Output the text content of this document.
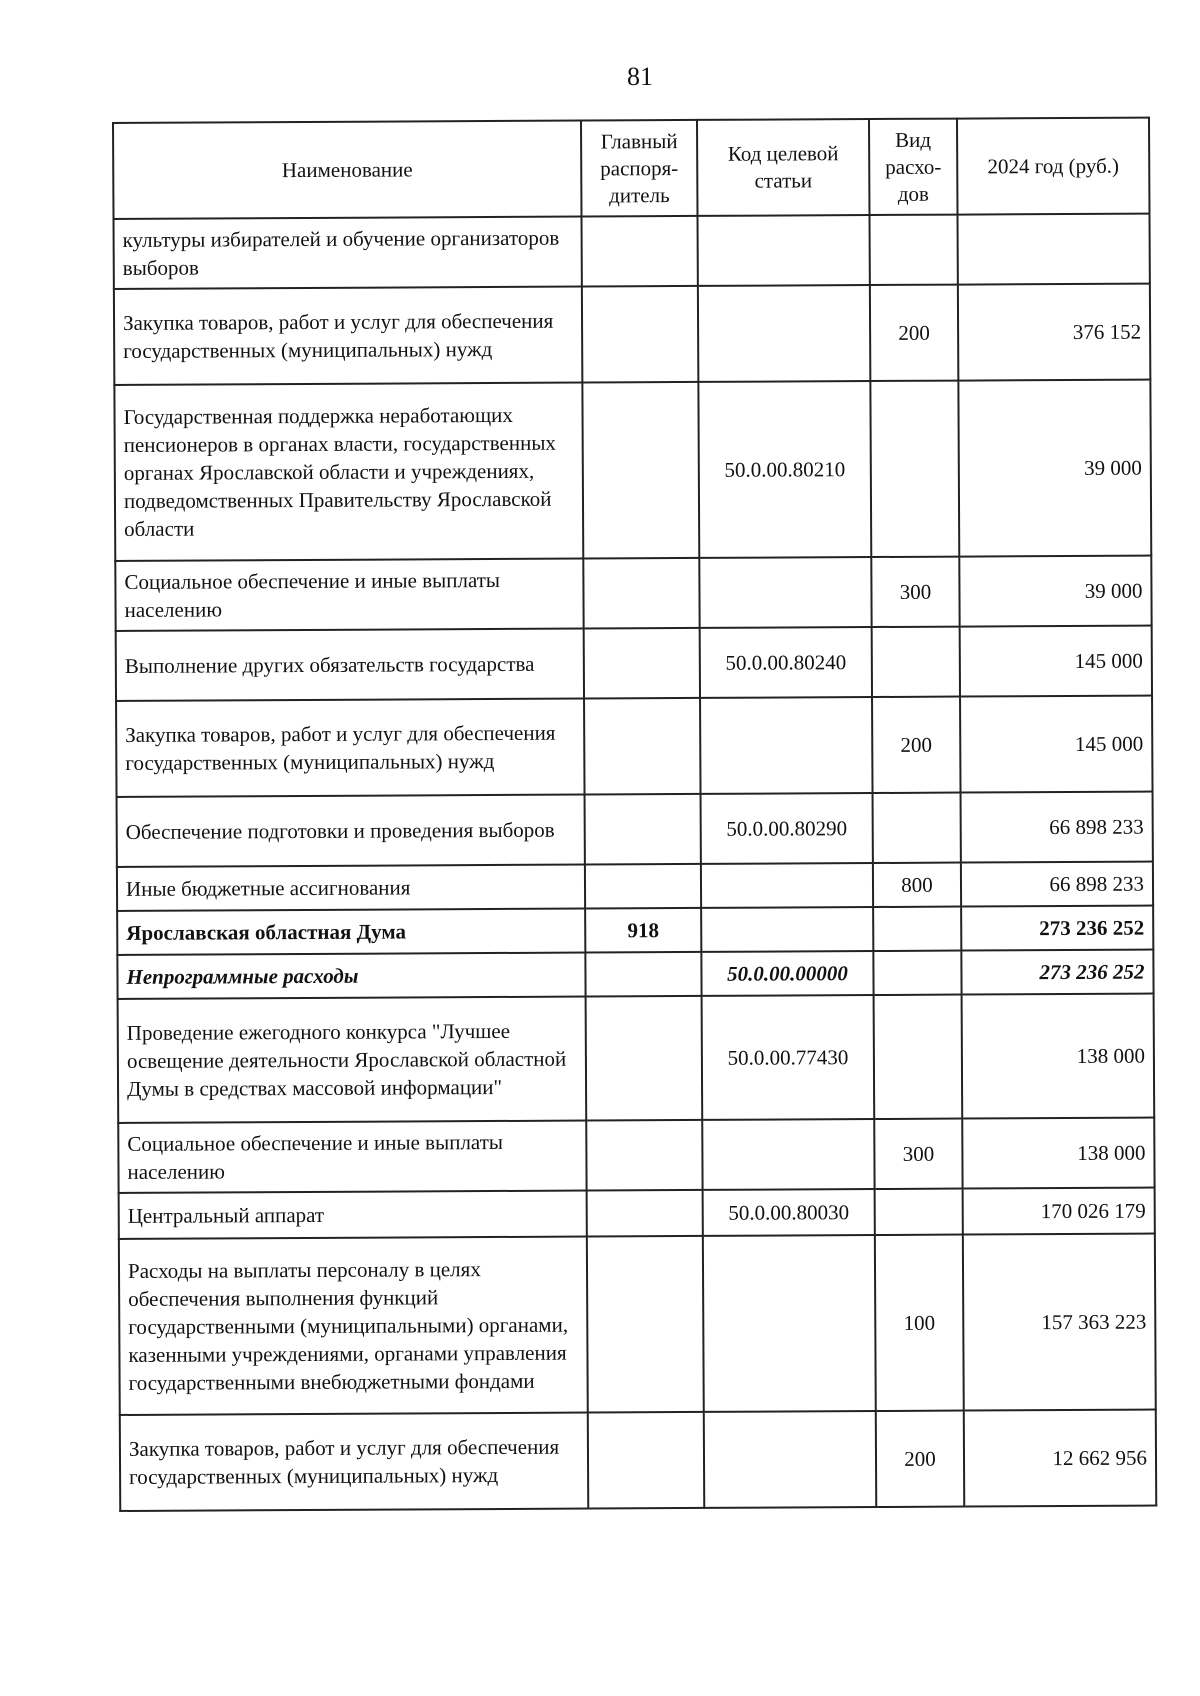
81
Наименование	Главный распоря-дитель	Код целевой статьи	Вид расхо-дов	2024 год (руб.)
культуры избирателей и обучение организаторов выборов				
Закупка товаров, работ и услуг для обеспечения государственных (муниципальных) нужд			200	376 152
Государственная поддержка неработающих пенсионеров в органах власти, государственных органах Ярославской области и учреждениях, подведомственных Правительству Ярославской области		50.0.00.80210		39 000
Социальное обеспечение и иные выплаты населению			300	39 000
Выполнение других обязательств государства		50.0.00.80240		145 000
Закупка товаров, работ и услуг для обеспечения государственных (муниципальных) нужд			200	145 000
Обеспечение подготовки и проведения выборов		50.0.00.80290		66 898 233
Иные бюджетные ассигнования			800	66 898 233
Ярославская областная Дума	918			273 236 252
Непрограммные расходы		50.0.00.00000		273 236 252
Проведение ежегодного конкурса "Лучшее освещение деятельности Ярославской областной Думы в средствах массовой информации"		50.0.00.77430		138 000
Социальное обеспечение и иные выплаты населению			300	138 000
Центральный аппарат		50.0.00.80030		170 026 179
Расходы на выплаты персоналу в целях обеспечения выполнения функций государственными (муниципальными) органами, казенными учреждениями, органами управления государственными внебюджетными фондами			100	157 363 223
Закупка товаров, работ и услуг для обеспечения государственных (муниципальных) нужд			200	12 662 956
